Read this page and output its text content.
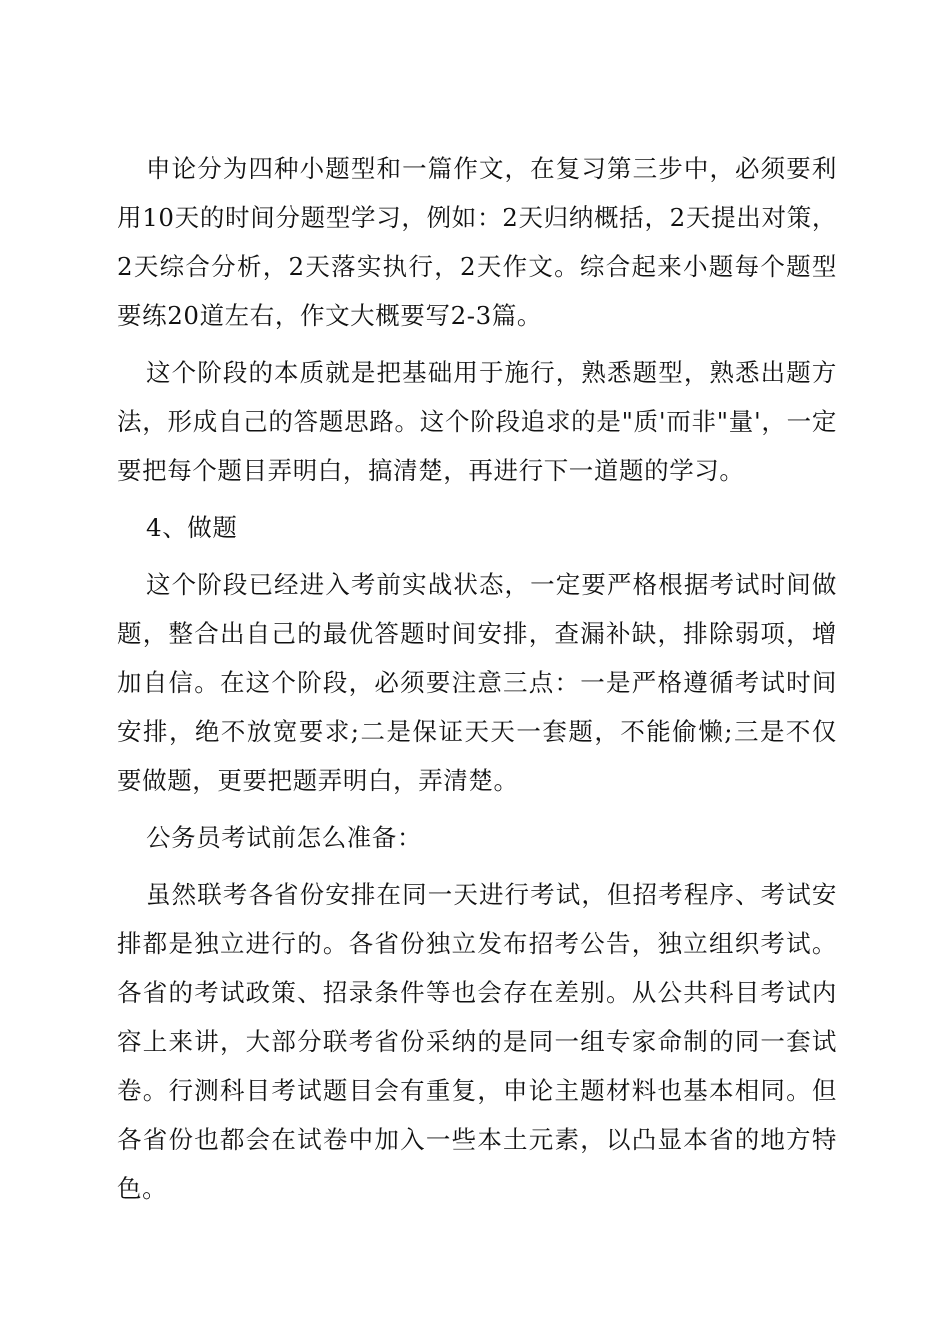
申论分为四种小题型和一篇作文，在复习第三步中，必须要利用10天的时间分题型学习，例如：2天归纳概括，2天提出对策，2天综合分析，2天落实执行，2天作文。综合起来小题每个题型要练20道左右，作文大概要写2-3篇。

这个阶段的本质就是把基础用于施行，熟悉题型，熟悉出题方法，形成自己的答题思路。这个阶段追求的是"质'而非"量'，一定要把每个题目弄明白，搞清楚，再进行下一道题的学习。

4、做题

这个阶段已经进入考前实战状态，一定要严格根据考试时间做题，整合出自己的最优答题时间安排，查漏补缺，排除弱项，增加自信。在这个阶段，必须要注意三点：一是严格遵循考试时间安排，绝不放宽要求;二是保证天天一套题，不能偷懒;三是不仅要做题，更要把题弄明白，弄清楚。

公务员考试前怎么准备：

虽然联考各省份安排在同一天进行考试，但招考程序、考试安排都是独立进行的。各省份独立发布招考公告，独立组织考试。各省的考试政策、招录条件等也会存在差别。从公共科目考试内容上来讲，大部分联考省份采纳的是同一组专家命制的同一套试卷。行测科目考试题目会有重复，申论主题材料也基本相同。但各省份也都会在试卷中加入一些本土元素，以凸显本省的地方特色。
